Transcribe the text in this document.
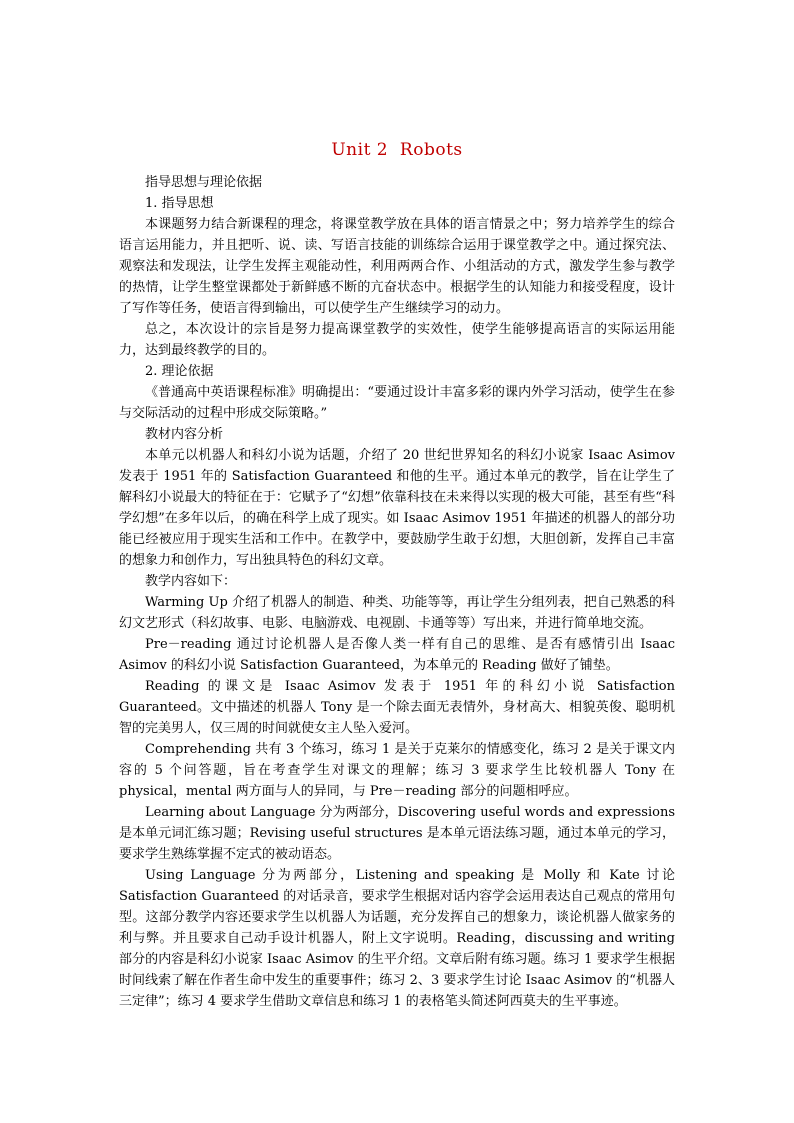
Unit 2  Robots

指导思想与理论依据

1. 指导思想

本课题努力结合新课程的理念，将课堂教学放在具体的语言情景之中；努力培养学生的综合语言运用能力，并且把听、说、读、写语言技能的训练综合运用于课堂教学之中。通过探究法、观察法和发现法，让学生发挥主观能动性，利用两两合作、小组活动的方式，激发学生参与教学的热情，让学生整堂课都处于新鲜感不断的亢奋状态中。根据学生的认知能力和接受程度，设计了写作等任务，使语言得到输出，可以使学生产生继续学习的动力。

总之，本次设计的宗旨是努力提高课堂教学的实效性，使学生能够提高语言的实际运用能力，达到最终教学的目的。

2. 理论依据

《普通高中英语课程标准》明确提出：“要通过设计丰富多彩的课内外学习活动，使学生在参与交际活动的过程中形成交际策略。”

教材内容分析

本单元以机器人和科幻小说为话题，介绍了 20 世纪世界知名的科幻小说家 Isaac Asimov 发表于 1951 年的 Satisfaction Guaranteed 和他的生平。通过本单元的教学，旨在让学生了解科幻小说最大的特征在于：它赋予了“幻想”依靠科技在未来得以实现的极大可能，甚至有些“科学幻想”在多年以后，的确在科学上成了现实。如 Isaac Asimov 1951 年描述的机器人的部分功能已经被应用于现实生活和工作中。在教学中，要鼓励学生敢于幻想，大胆创新，发挥自己丰富的想象力和创作力，写出独具特色的科幻文章。

教学内容如下：

Warming Up 介绍了机器人的制造、种类、功能等等，再让学生分组列表，把自己熟悉的科幻文艺形式（科幻故事、电影、电脑游戏、电视剧、卡通等等）写出来，并进行简单地交流。

Pre－reading 通过讨论机器人是否像人类一样有自己的思维、是否有感情引出 Isaac Asimov 的科幻小说 Satisfaction Guaranteed，为本单元的 Reading 做好了铺垫。

Reading 的课文是 Isaac Asimov 发表于 1951 年的科幻小说 Satisfaction Guaranteed。文中描述的机器人 Tony 是一个除去面无表情外，身材高大、相貌英俊、聪明机智的完美男人，仅三周的时间就使女主人坠入爱河。

Comprehending 共有 3 个练习，练习 1 是关于克莱尔的情感变化，练习 2 是关于课文内容的 5 个问答题，旨在考查学生对课文的理解；练习 3 要求学生比较机器人 Tony 在 physical，mental 两方面与人的异同，与 Pre－reading 部分的问题相呼应。

Learning about Language 分为两部分，Discovering useful words and expressions 是本单元词汇练习题；Revising useful structures 是本单元语法练习题，通过本单元的学习，要求学生熟练掌握不定式的被动语态。

Using Language 分为两部分，Listening and speaking 是 Molly 和 Kate 讨论 Satisfaction Guaranteed 的对话录音，要求学生根据对话内容学会运用表达自己观点的常用句型。这部分教学内容还要求学生以机器人为话题，充分发挥自己的想象力，谈论机器人做家务的利与弊。并且要求自己动手设计机器人，附上文字说明。Reading，discussing and writing 部分的内容是科幻小说家 Isaac Asimov 的生平介绍。文章后附有练习题。练习 1 要求学生根据时间线索了解在作者生命中发生的重要事件；练习 2、3 要求学生讨论 Isaac Asimov 的“机器人三定律”；练习 4 要求学生借助文章信息和练习 1 的表格笔头简述阿西莫夫的生平事迹。
